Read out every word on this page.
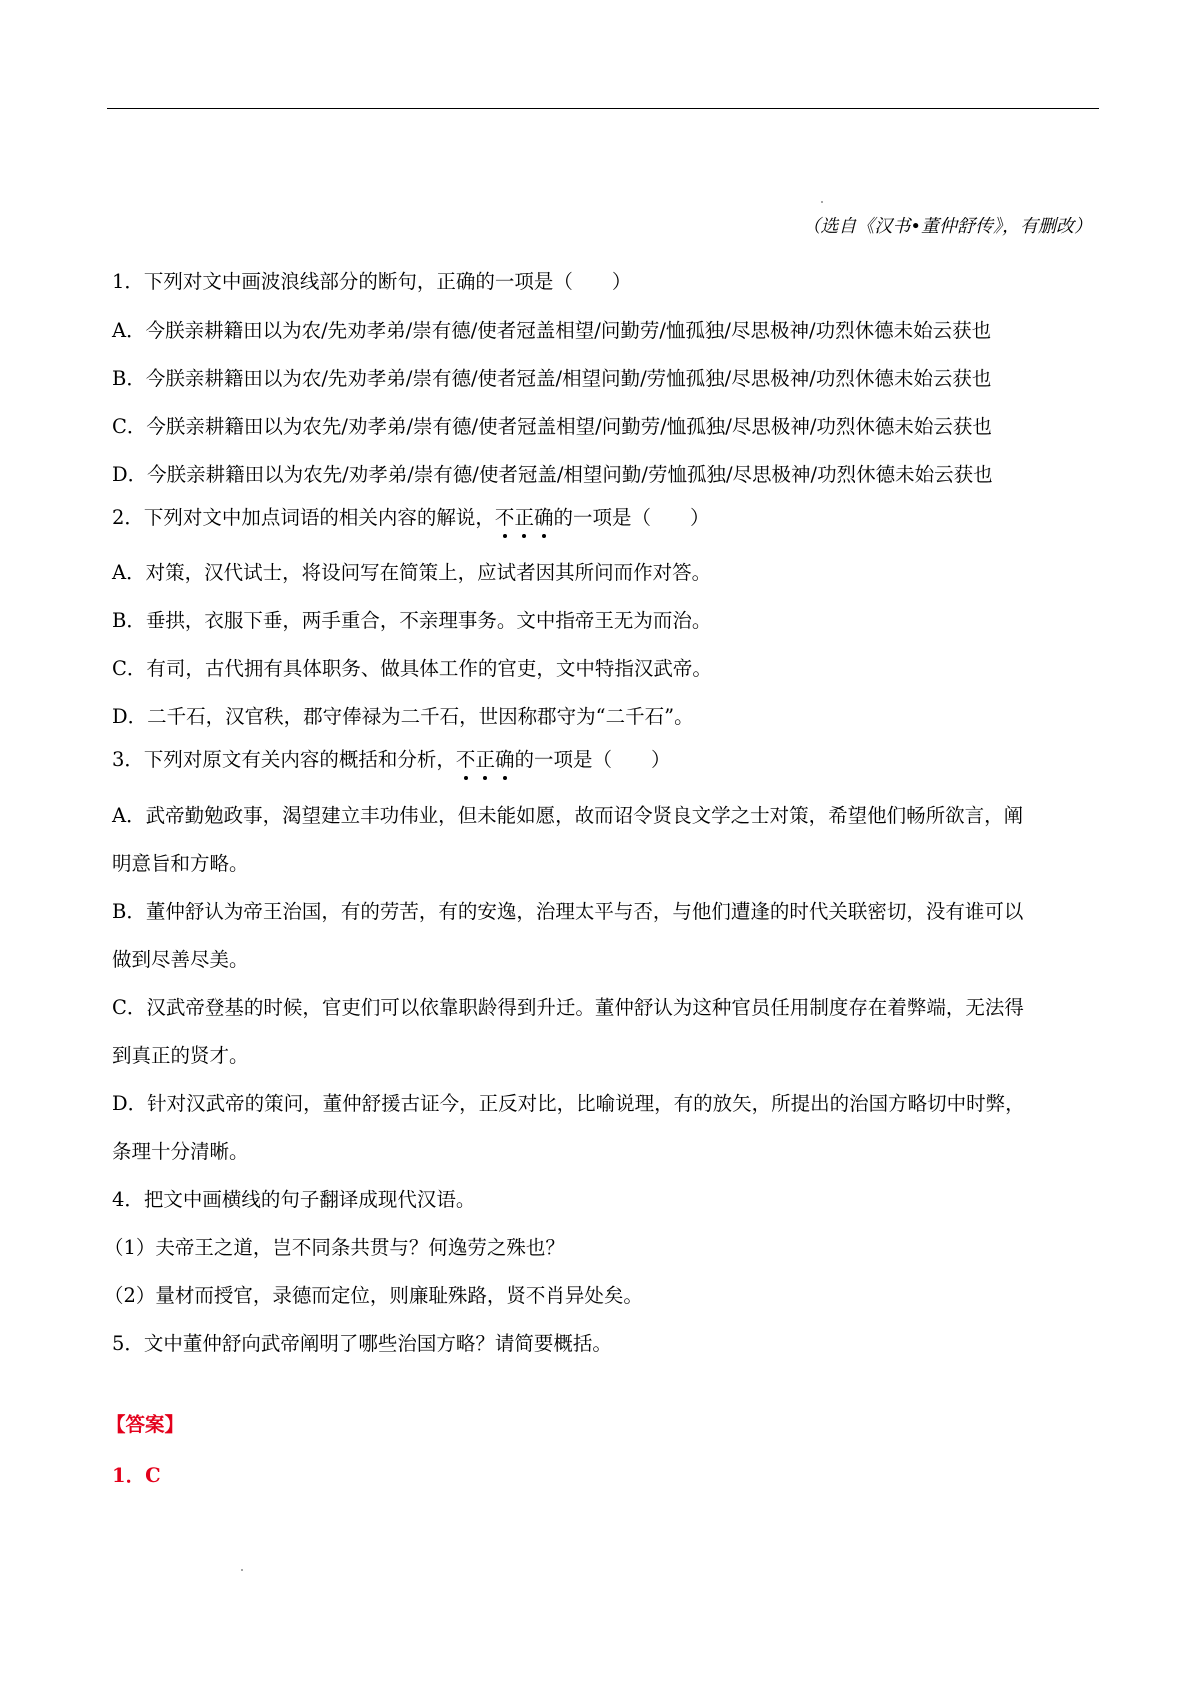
（选自《汉书•董仲舒传》，有删改）
1．下列对文中画波浪线部分的断句，正确的一项是（　　）
A．今朕亲耕籍田以为农/先劝孝弟/崇有德/使者冠盖相望/问勤劳/恤孤独/尽思极神/功烈休德未始云获也
B．今朕亲耕籍田以为农/先劝孝弟/崇有德/使者冠盖/相望问勤/劳恤孤独/尽思极神/功烈休德未始云获也
C．今朕亲耕籍田以为农先/劝孝弟/崇有德/使者冠盖相望/问勤劳/恤孤独/尽思极神/功烈休德未始云获也
D．今朕亲耕籍田以为农先/劝孝弟/崇有德/使者冠盖/相望问勤/劳恤孤独/尽思极神/功烈休德未始云获也
2．下列对文中加点词语的相关内容的解说，不正确的一项是（　　）
A．对策，汉代试士，将设问写在简策上，应试者因其所问而作对答。
B．垂拱，衣服下垂，两手重合，不亲理事务。文中指帝王无为而治。
C．有司，古代拥有具体职务、做具体工作的官吏，文中特指汉武帝。
D．二千石，汉官秩，郡守俸禄为二千石，世因称郡守为“二千石”。
3．下列对原文有关内容的概括和分析，不正确的一项是（　　）
A．武帝勤勉政事，渴望建立丰功伟业，但未能如愿，故而诏令贤良文学之士对策，希望他们畅所欲言，阐
明意旨和方略。
B．董仲舒认为帝王治国，有的劳苦，有的安逸，治理太平与否，与他们遭逢的时代关联密切，没有谁可以
做到尽善尽美。
C．汉武帝登基的时候，官吏们可以依靠职龄得到升迁。董仲舒认为这种官员任用制度存在着弊端，无法得
到真正的贤才。
D．针对汉武帝的策问，董仲舒援古证今，正反对比，比喻说理，有的放矢，所提出的治国方略切中时弊，
条理十分清晰。
4．把文中画横线的句子翻译成现代汉语。
（1）夫帝王之道，岂不同条共贯与？何逸劳之殊也？
（2）量材而授官，录德而定位，则廉耻殊路，贤不肖异处矣。
5．文中董仲舒向武帝阐明了哪些治国方略？请简要概括。
【答案】
1．C
